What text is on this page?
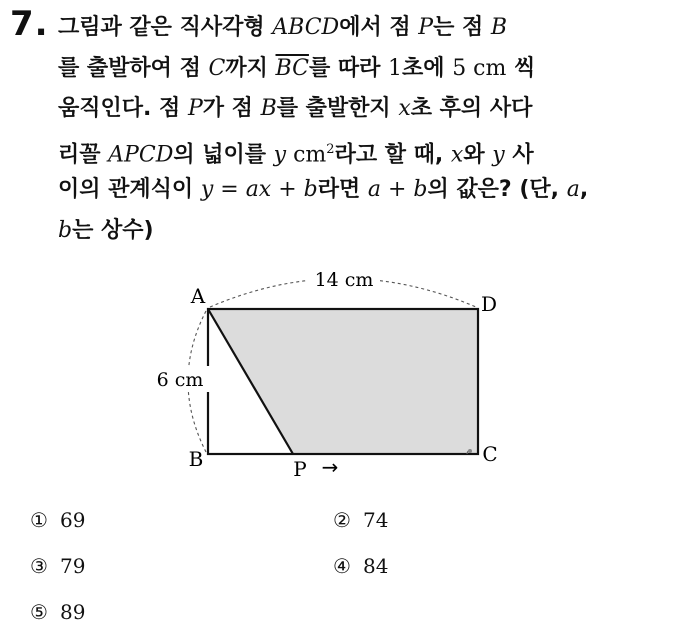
7. 그림과 같은 직사각형 ABCD에서 점 P는 점 B
를 출발하여 점 C까지 $\overline{BC}$를 따라 1초에 5 cm 씩
움직인다. 점 P가 점 B를 출발한지 x초 후의 사다
리꼴 APCD의 넓이를 y $cm^2$라고 할 때, x와 y 사
이의 관계식이 y = ax + b라면 a + b의 값은? (단, a,
b는 상수)
14 cm
6 cm
A	D
B	C
P →
① 69	② 74
③ 79	④ 84
⑤ 89
